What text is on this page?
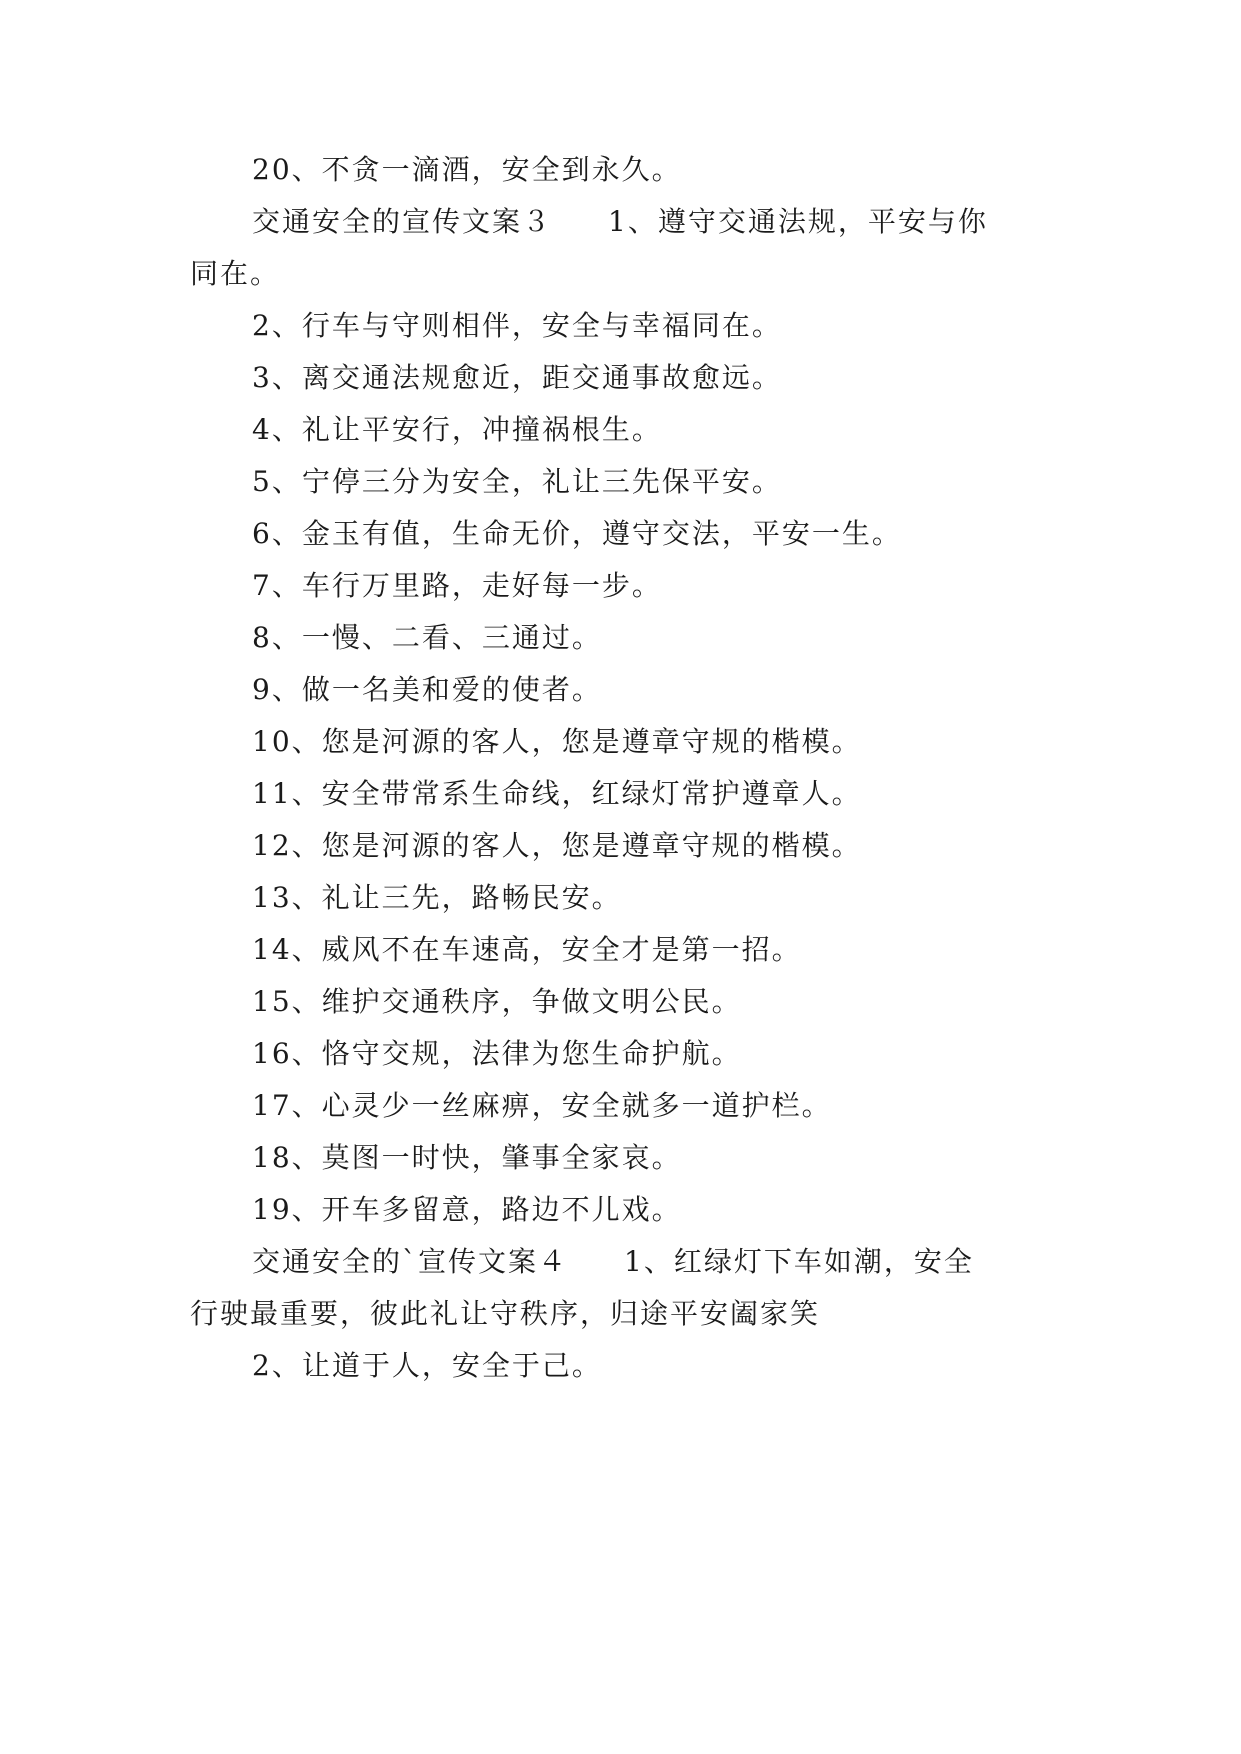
20、不贪一滴酒，安全到永久。
交通安全的宣传文案３ 1、遵守交通法规，平安与你
同在。
2、行车与守则相伴，安全与幸福同在。
3、离交通法规愈近，距交通事故愈远。
4、礼让平安行，冲撞祸根生。
5、宁停三分为安全，礼让三先保平安。
6、金玉有值，生命无价，遵守交法，平安一生。
7、车行万里路，走好每一步。
8、一慢、二看、三通过。
9、做一名美和爱的使者。
10、您是河源的客人，您是遵章守规的楷模。
11、安全带常系生命线，红绿灯常护遵章人。
12、您是河源的客人，您是遵章守规的楷模。
13、礼让三先，路畅民安。
14、威风不在车速高，安全才是第一招。
15、维护交通秩序，争做文明公民。
16、恪守交规，法律为您生命护航。
17、心灵少一丝麻痹，安全就多一道护栏。
18、莫图一时快，肇事全家哀。
19、开车多留意，路边不儿戏。
交通安全的`宣传文案４ 1、红绿灯下车如潮，安全
行驶最重要，彼此礼让守秩序，归途平安阖家笑
2、让道于人，安全于己。
